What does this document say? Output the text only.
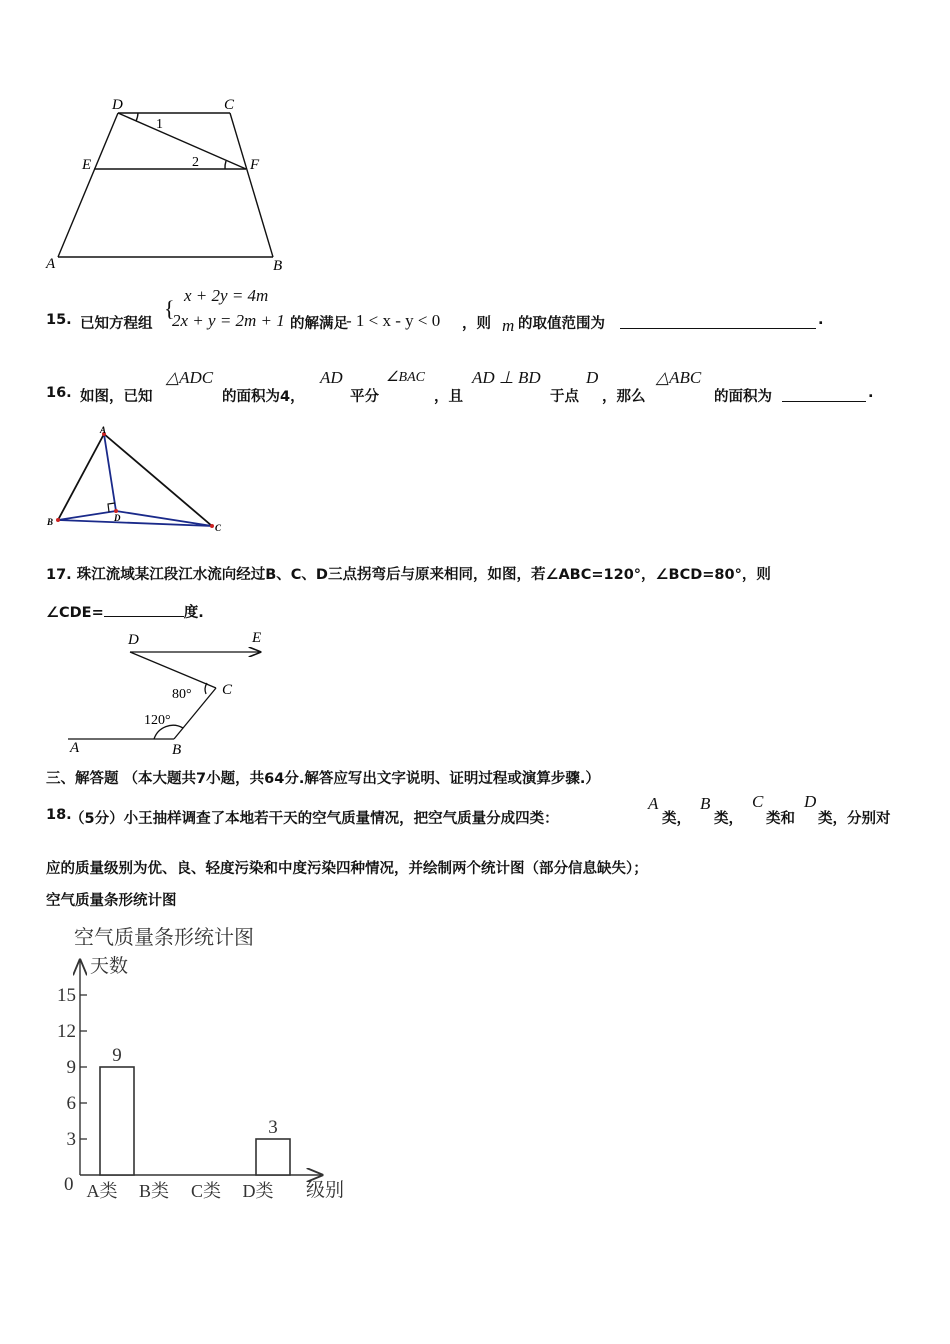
D	C
E	F
A	B
1
2
15. 已知方程组
{
x + 2y = 4m
2x + y = 2m + 1 的解满足
- 1 < x - y < 0 ，则 m 的取值范围为	.
16. 如图，已知
△ADC
的面积为4，
AD
平分
∠BAC
，且
AD ⊥ BD
于点
D
，那么
△ABC
的面积为	.
A
B
C
D
17. 珠江流域某江段江水流向经过B、C、D三点拐弯后与原来相同，如图，若∠ABC=120°，∠BCD=80°，则
∠CDE=	度.
D	E
C
A	B
80°
120°
三、解答题 （本大题共7小题，共64分.解答应写出文字说明、证明过程或演算步骤.）
18.
（5分）小王抽样调查了本地若干天的空气质量情况，把空气质量分成四类：
A
类，
B
类，
C
类和
D
类，分别对
应的质量级别为优、良、轻度污染和中度污染四种情况，并绘制两个统计图（部分信息缺失）；
空气质量条形统计图
空气质量条形统计图
天数
0	级别
15
12
9
6
3
A类
9
B类 C类 D类
3
